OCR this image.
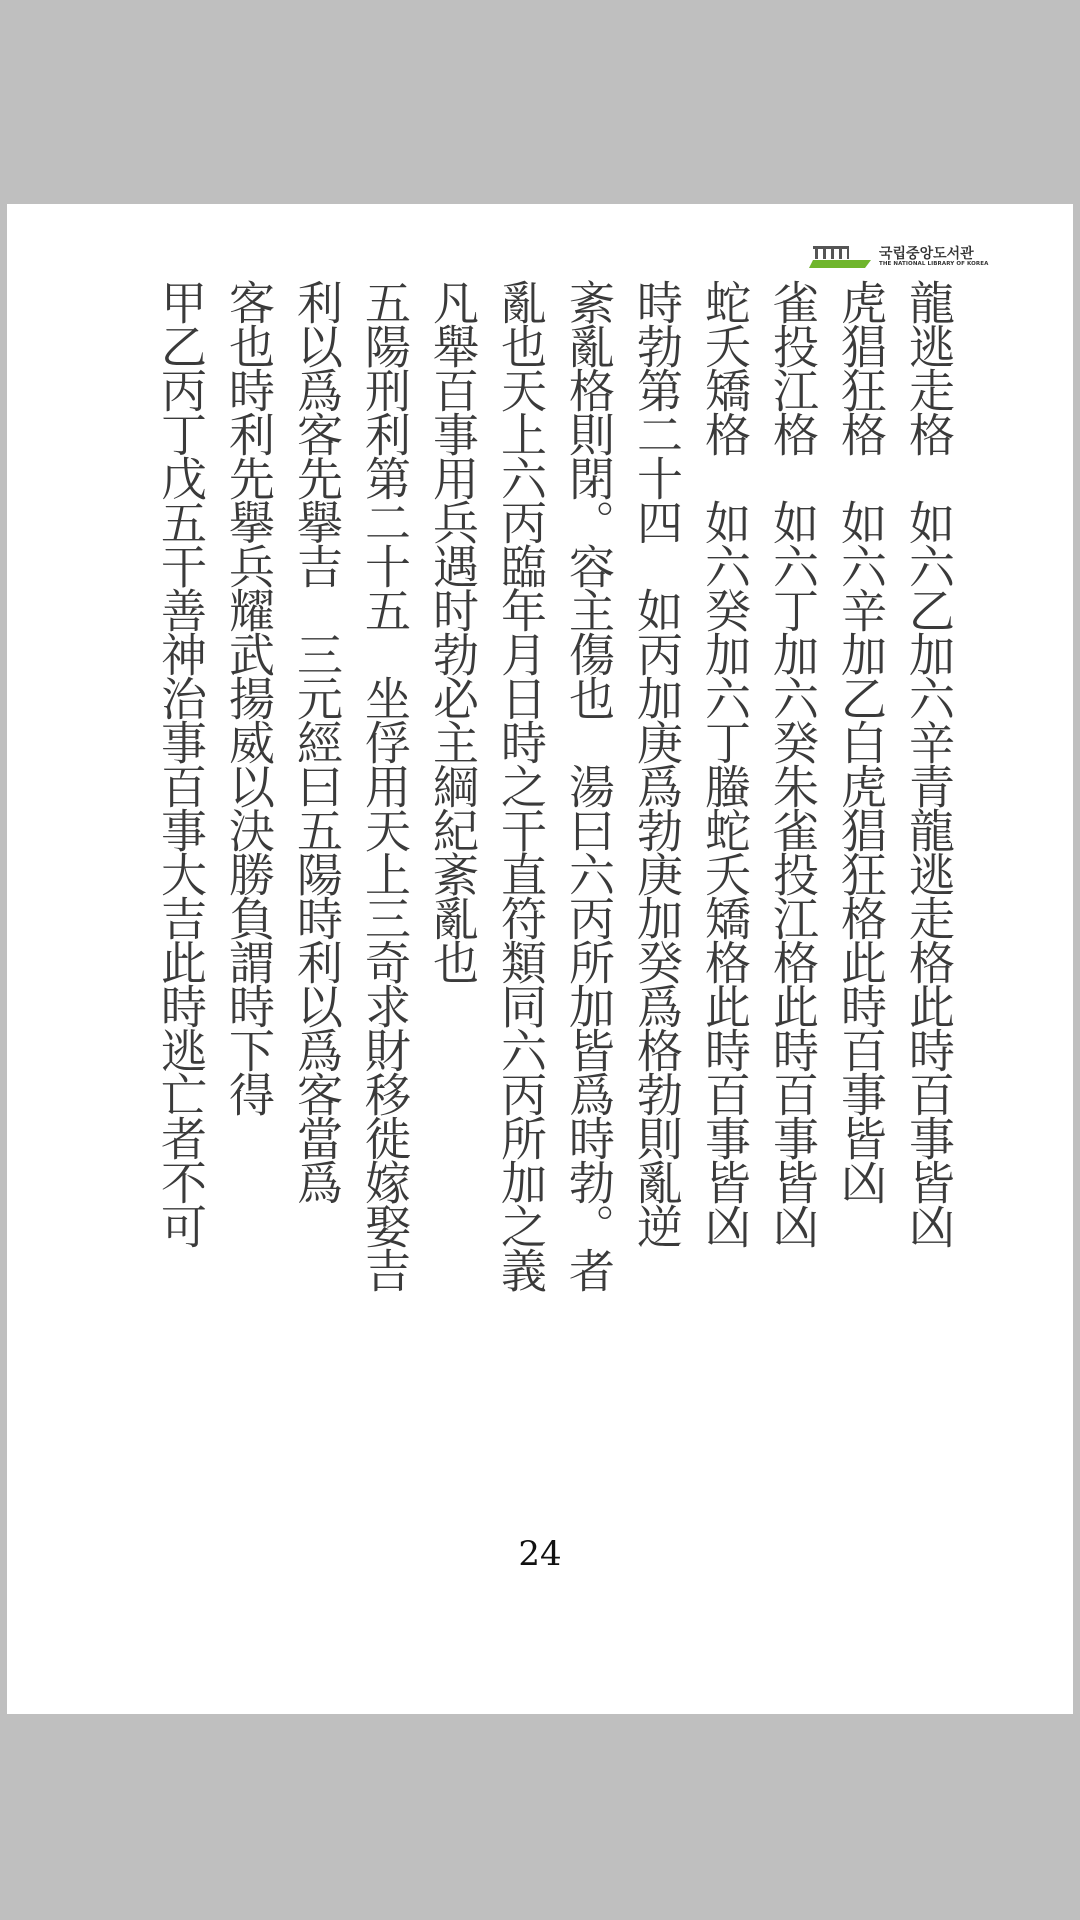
국립중앙도서관
THE NATIONAL LIBRARY OF KOREA
龍逃走格　如六乙加六辛青龍逃走格此時百事皆凶
虎猖狂格　如六辛加乙白虎猖狂格此時百事皆凶
雀投江格　如六丁加六癸朱雀投江格此時百事皆凶
蛇夭矯格　如六癸加六丁螣蛇夭矯格此時百事皆凶
時勃第二十四　如丙加庚爲勃庚加癸爲格勃則亂逆
紊亂格則閉。容主傷也　湯曰六丙所加皆爲時勃。者
亂也天上六丙臨年月日時之干直符類同六丙所加之義
凡舉百事用兵遇时勃必主綱紀紊亂也
五陽刑利第二十五　坐俘用天上三奇求財移徙嫁娶吉
利以爲客先擧吉　三元經曰五陽時利以爲客當爲
客也時利先擧兵耀武揚威以決勝負謂時下得
甲乙丙丁戊五干善神治事百事大吉此時逃亡者不可
24
